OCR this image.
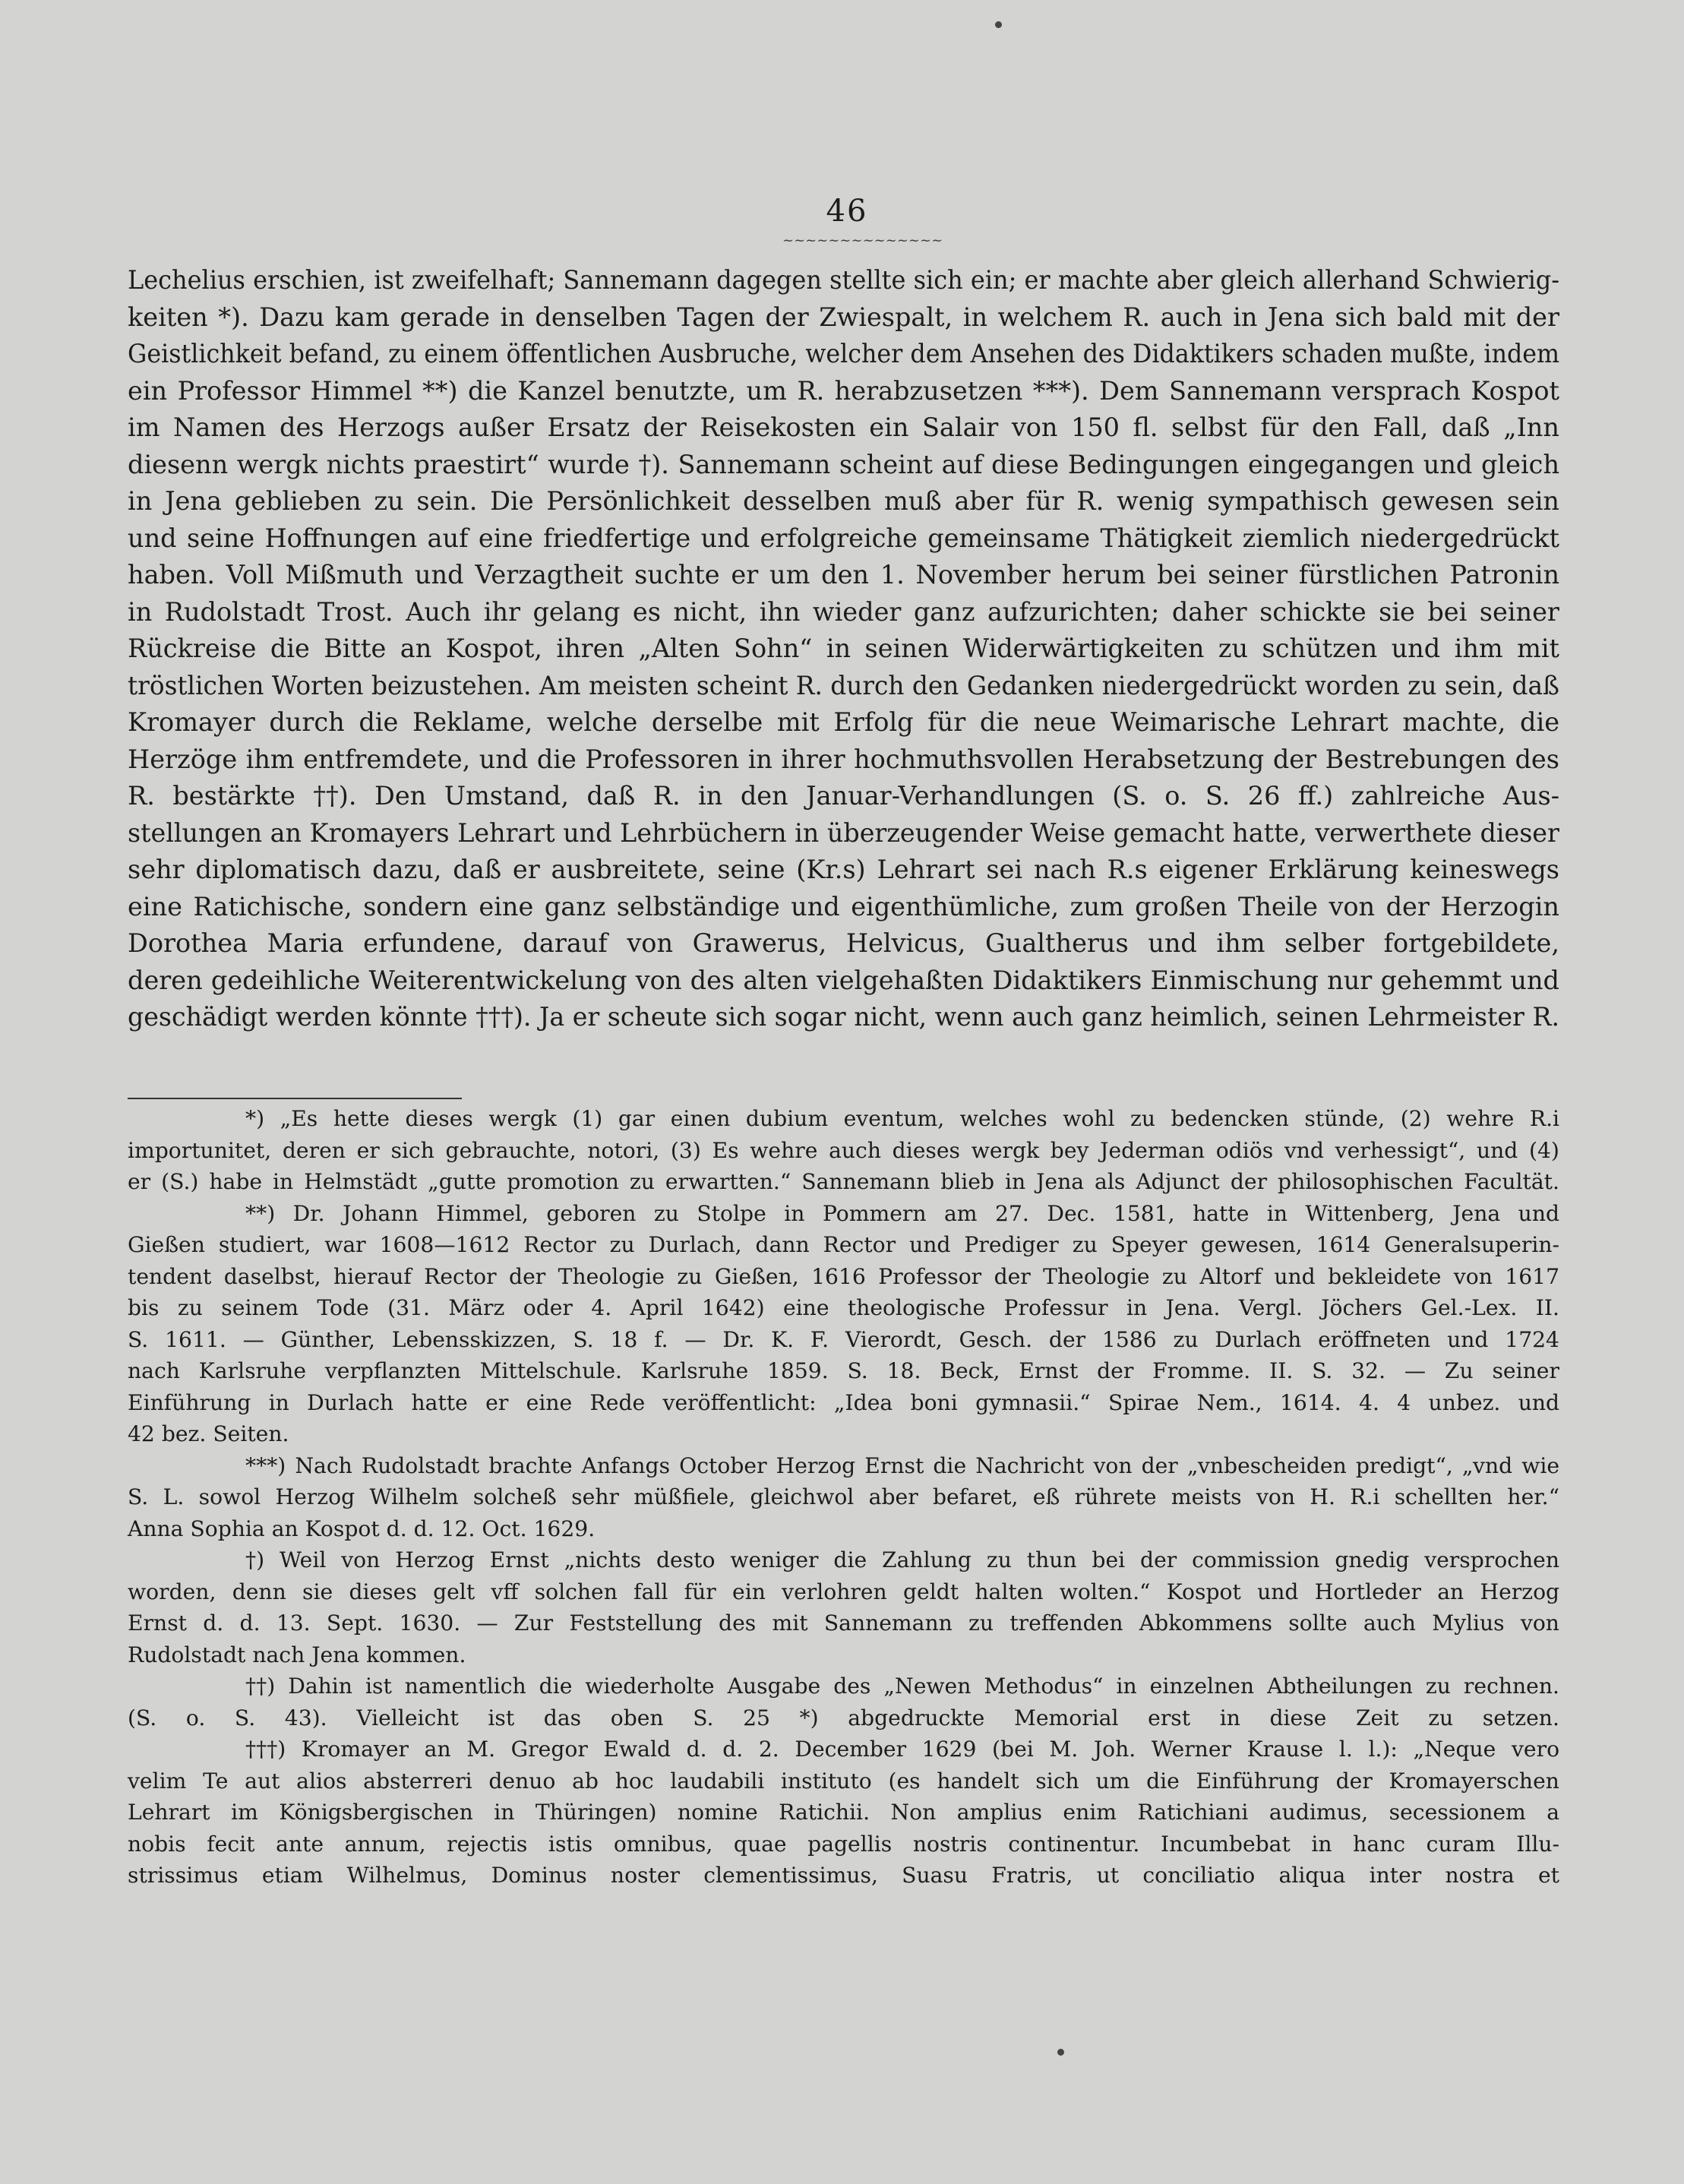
46
~~~~~~~~~~~~~~
Lechelius erschien, ist zweifelhaft; Sannemann dagegen stellte sich ein; er machte aber gleich allerhand Schwierig-
keiten *). Dazu kam gerade in denselben Tagen der Zwiespalt, in welchem R. auch in Jena sich bald mit der
Geistlichkeit befand, zu einem öffentlichen Ausbruche, welcher dem Ansehen des Didaktikers schaden mußte, indem
ein Professor Himmel **) die Kanzel benutzte, um R. herabzusetzen ***). Dem Sannemann versprach Kospot
im Namen des Herzogs außer Ersatz der Reisekosten ein Salair von 150 fl. selbst für den Fall, daß „Inn
diesenn wergk nichts praestirt“ wurde †). Sannemann scheint auf diese Bedingungen eingegangen und gleich
in Jena geblieben zu sein. Die Persönlichkeit desselben muß aber für R. wenig sympathisch gewesen sein
und seine Hoffnungen auf eine friedfertige und erfolgreiche gemeinsame Thätigkeit ziemlich niedergedrückt
haben. Voll Mißmuth und Verzagtheit suchte er um den 1. November herum bei seiner fürstlichen Patronin
in Rudolstadt Trost. Auch ihr gelang es nicht, ihn wieder ganz aufzurichten; daher schickte sie bei seiner
Rückreise die Bitte an Kospot, ihren „Alten Sohn“ in seinen Widerwärtigkeiten zu schützen und ihm mit
tröstlichen Worten beizustehen. Am meisten scheint R. durch den Gedanken niedergedrückt worden zu sein, daß
Kromayer durch die Reklame, welche derselbe mit Erfolg für die neue Weimarische Lehrart machte, die
Herzöge ihm entfremdete, und die Professoren in ihrer hochmuthsvollen Herabsetzung der Bestrebungen des
R. bestärkte ††). Den Umstand, daß R. in den Januar-Verhandlungen (S. o. S. 26 ff.) zahlreiche Aus-
stellungen an Kromayers Lehrart und Lehrbüchern in überzeugender Weise gemacht hatte, verwerthete dieser
sehr diplomatisch dazu, daß er ausbreitete, seine (Kr.s) Lehrart sei nach R.s eigener Erklärung keineswegs
eine Ratichische, sondern eine ganz selbständige und eigenthümliche, zum großen Theile von der Herzogin
Dorothea Maria erfundene, darauf von Grawerus, Helvicus, Gualtherus und ihm selber fortgebildete,
deren gedeihliche Weiterentwickelung von des alten vielgehaßten Didaktikers Einmischung nur gehemmt und
geschädigt werden könnte †††). Ja er scheute sich sogar nicht, wenn auch ganz heimlich, seinen Lehrmeister R.
*) „Es hette dieses wergk (1) gar einen dubium eventum, welches wohl zu bedencken stünde, (2) wehre R.i
importunitet, deren er sich gebrauchte, notori, (3) Es wehre auch dieses wergk bey Jederman odiös vnd verhessigt“, und (4)
er (S.) habe in Helmstädt „gutte promotion zu erwartten.“ Sannemann blieb in Jena als Adjunct der philosophischen Facultät.
**) Dr. Johann Himmel, geboren zu Stolpe in Pommern am 27. Dec. 1581, hatte in Wittenberg, Jena und
Gießen studiert, war 1608—1612 Rector zu Durlach, dann Rector und Prediger zu Speyer gewesen, 1614 Generalsuperin-
tendent daselbst, hierauf Rector der Theologie zu Gießen, 1616 Professor der Theologie zu Altorf und bekleidete von 1617
bis zu seinem Tode (31. März oder 4. April 1642) eine theologische Professur in Jena. Vergl. Jöchers Gel.-Lex. II.
S. 1611. — Günther, Lebensskizzen, S. 18 f. — Dr. K. F. Vierordt, Gesch. der 1586 zu Durlach eröffneten und 1724
nach Karlsruhe verpflanzten Mittelschule. Karlsruhe 1859. S. 18. Beck, Ernst der Fromme. II. S. 32. — Zu seiner
Einführung in Durlach hatte er eine Rede veröffentlicht: „Idea boni gymnasii.“ Spirae Nem., 1614. 4. 4 unbez. und
42 bez. Seiten.
***) Nach Rudolstadt brachte Anfangs October Herzog Ernst die Nachricht von der „vnbescheiden predigt“, „vnd wie
S. L. sowol Herzog Wilhelm solcheß sehr müßfiele, gleichwol aber befaret, eß rührete meists von H. R.i schellten her.“
Anna Sophia an Kospot d. d. 12. Oct. 1629.
†) Weil von Herzog Ernst „nichts desto weniger die Zahlung zu thun bei der commission gnedig versprochen
worden, denn sie dieses gelt vff solchen fall für ein verlohren geldt halten wolten.“ Kospot und Hortleder an Herzog
Ernst d. d. 13. Sept. 1630. — Zur Feststellung des mit Sannemann zu treffenden Abkommens sollte auch Mylius von
Rudolstadt nach Jena kommen.
††) Dahin ist namentlich die wiederholte Ausgabe des „Newen Methodus“ in einzelnen Abtheilungen zu rechnen.
(S. o. S. 43). Vielleicht ist das oben S. 25 *) abgedruckte Memorial erst in diese Zeit zu setzen.
†††) Kromayer an M. Gregor Ewald d. d. 2. December 1629 (bei M. Joh. Werner Krause l. l.): „Neque vero
velim Te aut alios absterreri denuo ab hoc laudabili instituto (es handelt sich um die Einführung der Kromayerschen
Lehrart im Königsbergischen in Thüringen) nomine Ratichii. Non amplius enim Ratichiani audimus, secessionem a
nobis fecit ante annum, rejectis istis omnibus, quae pagellis nostris continentur. Incumbebat in hanc curam Illu-
strissimus etiam Wilhelmus, Dominus noster clementissimus, Suasu Fratris, ut conciliatio aliqua inter nostra et
